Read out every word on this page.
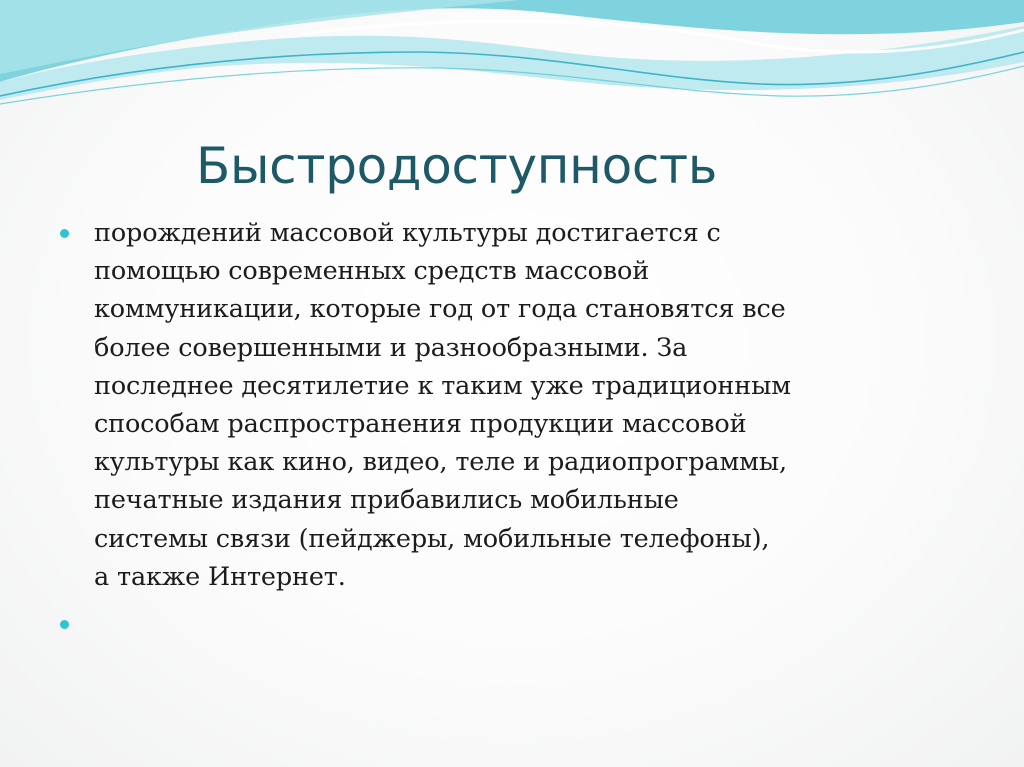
Быстродоступность
порождений массовой культуры достигается с
помощью современных средств массовой
коммуникации, которые год от года становятся все
более совершенными и разнообразными. За
последнее десятилетие к таким уже традиционным
способам распространения продукции массовой
культуры как кино, видео, теле и радиопрограммы,
печатные издания прибавились мобильные
системы связи (пейджеры, мобильные телефоны),
а также Интернет.
